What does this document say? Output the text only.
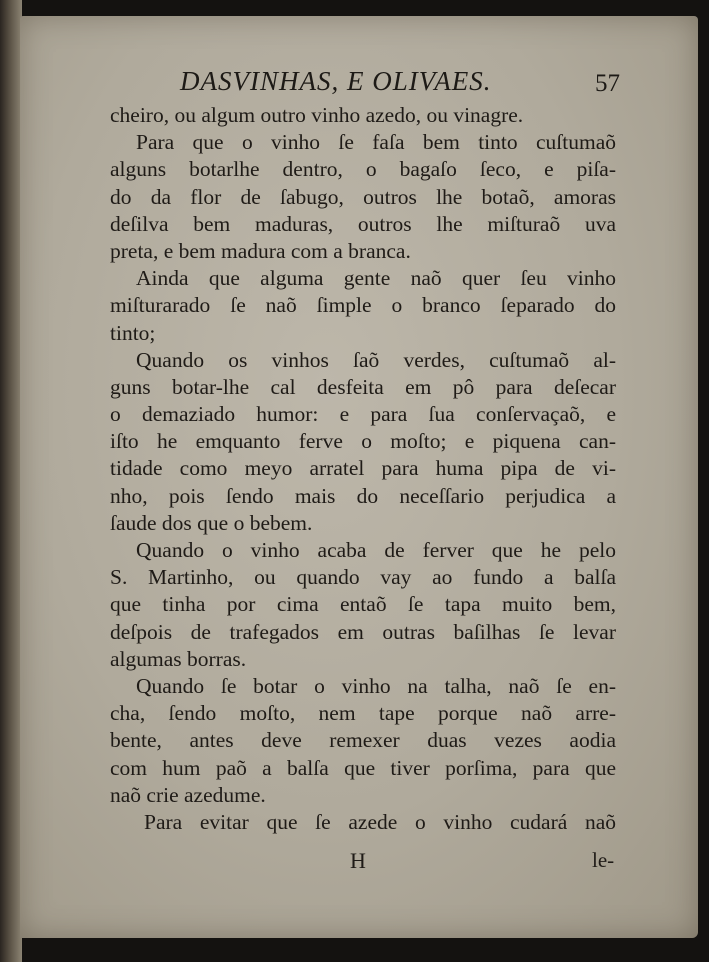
DASVINHAS, E OLIVAES.	57
cheiro, ou algum outro vinho azedo, ou vinagre.
Para que o vinho ſe faſa bem tinto cuſtumaõ
alguns botarlhe dentro, o bagaſo ſeco, e piſa-
do da flor de ſabugo, outros lhe botaõ, amoras
deſilva bem maduras, outros lhe miſturaõ uva
preta, e bem madura com a branca.
Ainda que alguma gente naõ quer ſeu vinho
miſturarado ſe naõ ſimple o branco ſeparado do
tinto;
Quando os vinhos ſaõ verdes, cuſtumaõ al-
guns botar-lhe cal desfeita em pô para deſecar
o demaziado humor: e para ſua conſervaçaõ, e
iſto he emquanto ferve o moſto; e piquena can-
tidade como meyo arratel para huma pipa de vi-
nho, pois ſendo mais do neceſſario perjudica a
ſaude dos que o bebem.
Quando o vinho acaba de ferver que he pelo
S. Martinho, ou quando vay ao fundo a balſa
que tinha por cima entaõ ſe tapa muito bem,
deſpois de trafegados em outras baſilhas ſe levar
algumas borras.
Quando ſe botar o vinho na talha, naõ ſe en-
cha, ſendo moſto, nem tape porque naõ arre-
bente, antes deve remexer duas vezes aodia
com hum paõ a balſa que tiver porſima, para que
naõ crie azedume.
Para evitar que ſe azede o vinho cudará naõ
H	le-
